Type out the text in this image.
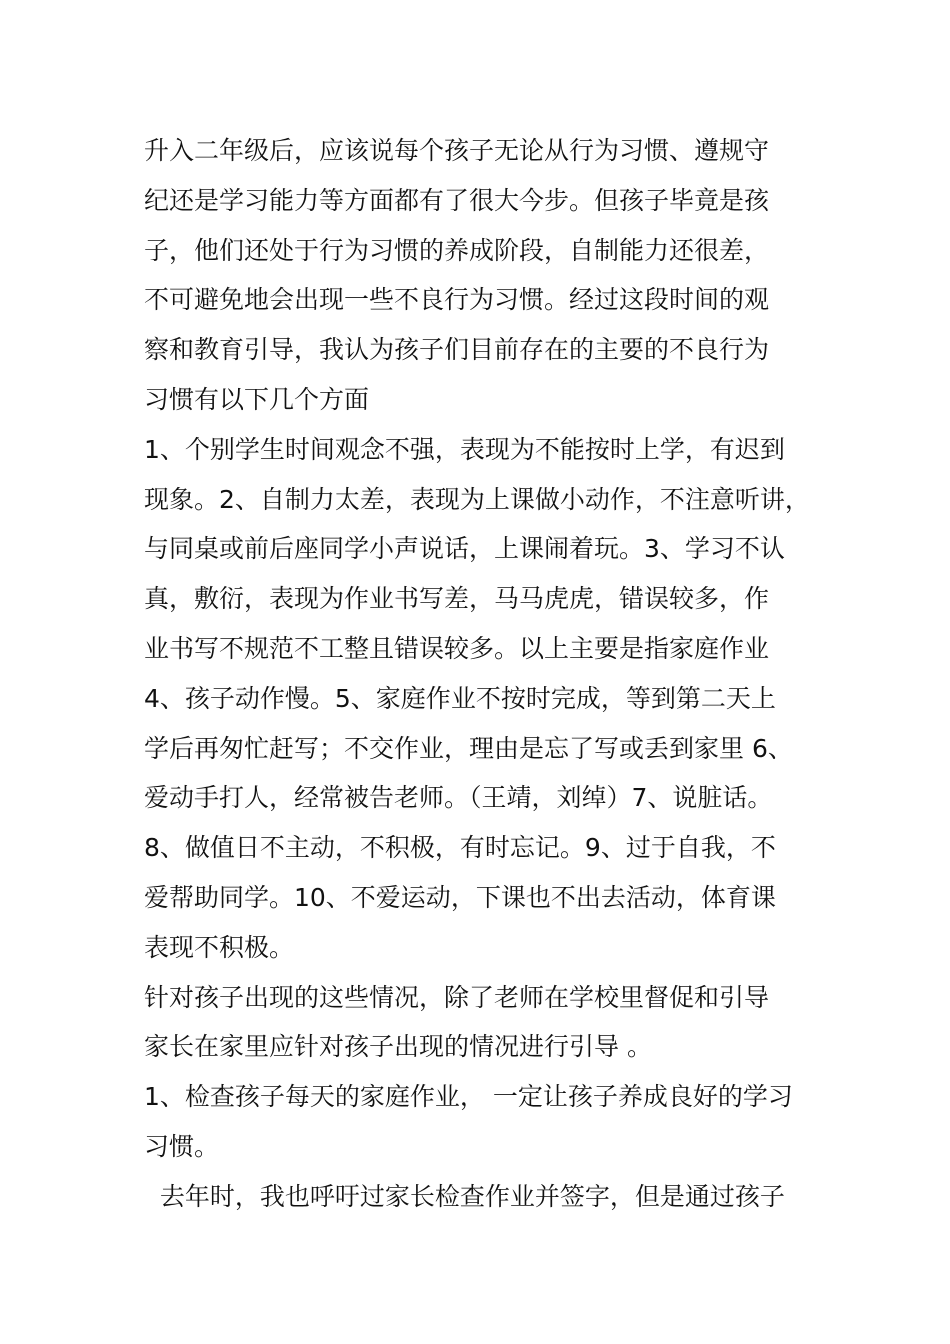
升入二年级后，应该说每个孩子无论从行为习惯、遵规守
纪还是学习能力等方面都有了很大今步。但孩子毕竟是孩
子，他们还处于行为习惯的养成阶段，自制能力还很差，
不可避免地会出现一些不良行为习惯。经过这段时间的观
察和教育引导，我认为孩子们目前存在的主要的不良行为
习惯有以下几个方面
1、个别学生时间观念不强，表现为不能按时上学，有迟到
现象。2、自制力太差，表现为上课做小动作，不注意听讲，
与同桌或前后座同学小声说话，上课闹着玩。3、学习不认
真，敷衍，表现为作业书写差，马马虎虎，错误较多，作
业书写不规范不工整且错误较多。以上主要是指家庭作业
4、孩子动作慢。5、家庭作业不按时完成，等到第二天上
学后再匆忙赶写；不交作业，理由是忘了写或丢到家里 6、
爱动手打人，经常被告老师。（王靖，刘绰）7、说脏话。
8、做值日不主动，不积极，有时忘记。9、过于自我，不
爱帮助同学。10、不爱运动，下课也不出去活动，体育课
表现不积极。
针对孩子出现的这些情况，除了老师在学校里督促和引导
家长在家里应针对孩子出现的情况进行引导 。
1、检查孩子每天的家庭作业， 一定让孩子养成良好的学习
习惯。
去年时，我也呼吁过家长检查作业并签字，但是通过孩子
